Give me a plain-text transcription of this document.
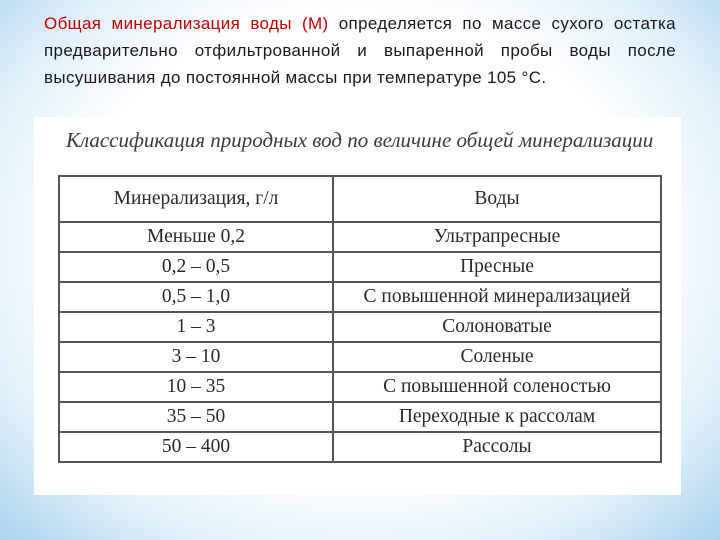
Общая минерализация воды (М) определяется по массе сухого остатка предварительно отфильтрованной и выпаренной пробы воды после высушивания до постоянной массы при температуре 105 °С.
Классификация природных вод по величине общей минерализации
Минерализация, г/л	Воды
Меньше 0,2	Ультрапресные
0,2 – 0,5	Пресные
0,5 – 1,0	С повышенной минерализацией
1 – 3	Солоноватые
3 – 10	Соленые
10 – 35	С повышенной соленостью
35 – 50	Переходные к рассолам
50 – 400	Рассолы
